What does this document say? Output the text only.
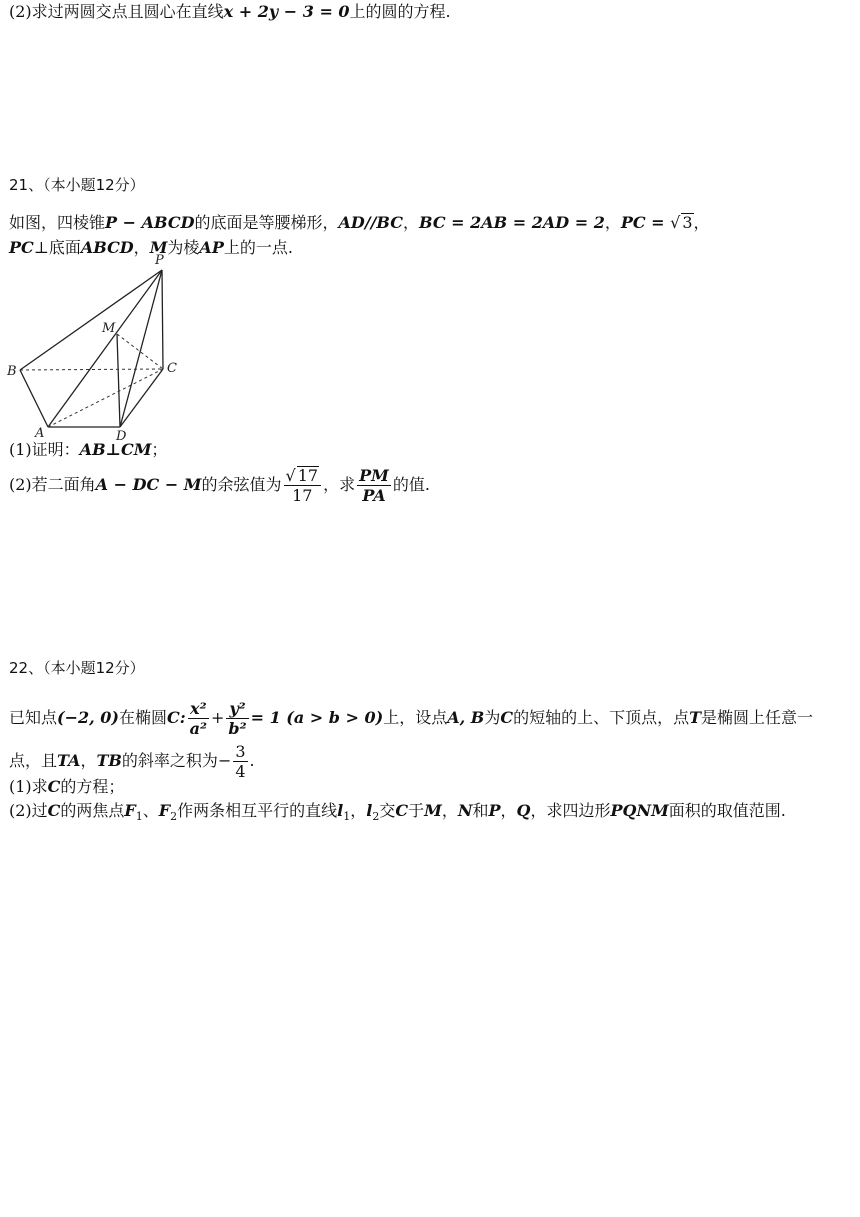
(2)求过两圆交点且圆心在直线x + 2y − 3 = 0上的圆的方程.
21、（本小题12分）
如图，四棱锥P − ABCD的底面是等腰梯形，AD//BC，BC = 2AB = 2AD = 2，PC = √ 3，
PC⊥底面ABCD，M为棱AP上的一点.
P
M
B	C
A	D
(1)证明：AB⊥CM；
(2)若二面角A − DC − M的余弦值为 $\frac{√ 17}{17}$ ，求 $\frac{PM}{PA}$ 的值.
22、（本小题12分）
已知点(−2, 0)在椭圆C: $\frac{\text{x²}}{\text{a²}} + \frac{\text{y²}}{\text{b²}} = 1$ (a > b > 0)上，设点A, B为C的短轴的上、下顶点，点T是椭圆上任意一
点，且TA，TB的斜率之积为− $\frac{3}{4}$ .
(1)求C的方程；
(2)过C的两焦点$F_1$、$F_2$作两条相互平行的直线$l_1$，$l_2$交C于M，N和P，Q，求四边形PQNM面积的取值范围.
